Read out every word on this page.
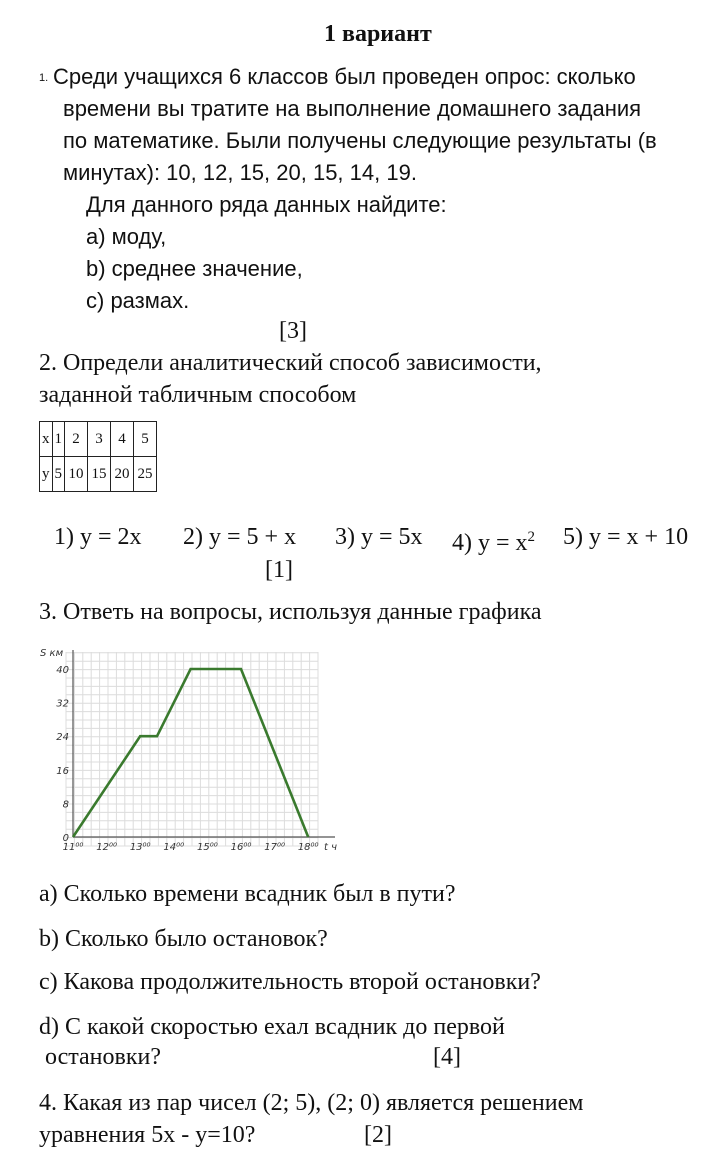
1 вариант
1. Среди учащихся 6 классов был проведен опрос: сколько
времени вы тратите на выполнение домашнего задания
по математике. Были получены следующие результаты (в
минутах): 10, 12, 15, 20, 15, 14, 19.
Для данного ряда данных найдите:
a) моду,
b) среднее значение,
c) размах.
[3]
2. Определи аналитический способ зависимости,
заданной табличным способом
x	1	2	3	4	5
y	5	10	15	20	25
1) y = 2x 2) y = 5 + x 3) y = 5x 4) $y = x^2$ 5) y = x + 10
[1]
3. Ответь на вопросы, используя данные графика
0
8
16
24
32
40
11⁰⁰ 12⁰⁰ 13⁰⁰ 14⁰⁰ 15⁰⁰ 16⁰⁰ 17⁰⁰ 18⁰⁰
S км
t ч
a) Сколько времени всадник был в пути?
b) Сколько было остановок?
c) Какова продолжительность второй остановки?
d) С какой скоростью ехал всадник до первой
остановки?	[4]
4. Какая из пар чисел (2; 5), (2; 0) является решением
уравнения 5x - y=10?	[2]
